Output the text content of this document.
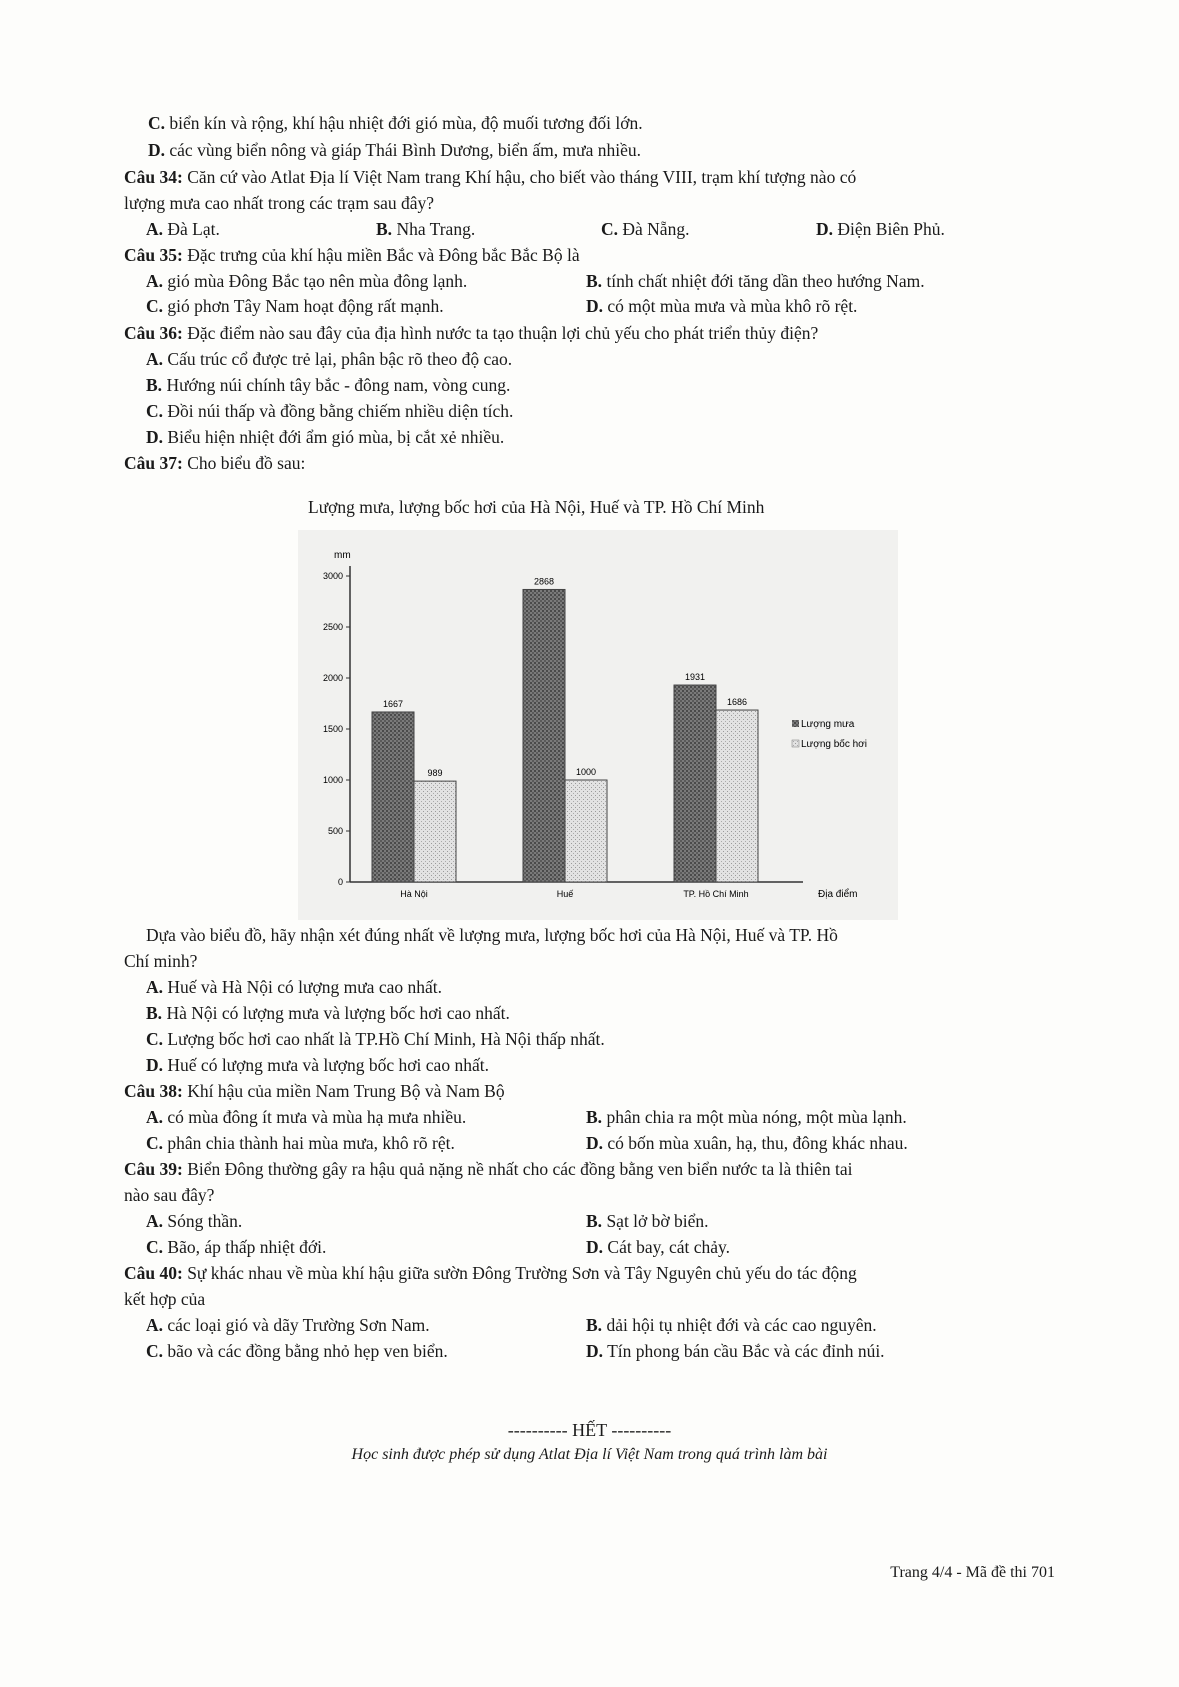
C. biển kín và rộng, khí hậu nhiệt đới gió mùa, độ muối tương đối lớn.
D. các vùng biển nông và giáp Thái Bình Dương, biển ấm, mưa nhiều.
Câu 34: Căn cứ vào Atlat Địa lí Việt Nam trang Khí hậu, cho biết vào tháng VIII, trạm khí tượng nào có
lượng mưa cao nhất trong các trạm sau đây?
A. Đà Lạt.	B. Nha Trang.	C. Đà Nẵng.	D. Điện Biên Phủ.
Câu 35: Đặc trưng của khí hậu miền Bắc và Đông bắc Bắc Bộ là
A. gió mùa Đông Bắc tạo nên mùa đông lạnh.	B. tính chất nhiệt đới tăng dần theo hướng Nam.
C. gió phơn Tây Nam hoạt động rất mạnh.	D. có một mùa mưa và mùa khô rõ rệt.
Câu 36: Đặc điểm nào sau đây của địa hình nước ta tạo thuận lợi chủ yếu cho phát triển thủy điện?
A. Cấu trúc cổ được trẻ lại, phân bậc rõ theo độ cao.
B. Hướng núi chính tây bắc - đông nam, vòng cung.
C. Đồi núi thấp và đồng bằng chiếm nhiều diện tích.
D. Biểu hiện nhiệt đới ẩm gió mùa, bị cắt xẻ nhiều.
Câu 37: Cho biểu đồ sau:
Lượng mưa, lượng bốc hơi của Hà Nội, Huế và TP. Hồ Chí Minh
mm
0
500
1000
1500
2000
2500
3000
1667
989
2868
1000
1931
1686
Hà Nội	Huế	TP. Hồ Chí Minh	Địa điểm
Lượng mưa
Lượng bốc hơi
Dựa vào biểu đồ, hãy nhận xét đúng nhất về lượng mưa, lượng bốc hơi của Hà Nội, Huế và TP. Hồ
Chí minh?
A. Huế và Hà Nội có lượng mưa cao nhất.
B. Hà Nội có lượng mưa và lượng bốc hơi cao nhất.
C. Lượng bốc hơi cao nhất là TP.Hồ Chí Minh, Hà Nội thấp nhất.
D. Huế có lượng mưa và lượng bốc hơi cao nhất.
Câu 38: Khí hậu của miền Nam Trung Bộ và Nam Bộ
A. có mùa đông ít mưa và mùa hạ mưa nhiều.	B. phân chia ra một mùa nóng, một mùa lạnh.
C. phân chia thành hai mùa mưa, khô rõ rệt.	D. có bốn mùa xuân, hạ, thu, đông khác nhau.
Câu 39: Biển Đông thường gây ra hậu quả nặng nề nhất cho các đồng bằng ven biển nước ta là thiên tai
nào sau đây?
A. Sóng thần.	B. Sạt lở bờ biển.
C. Bão, áp thấp nhiệt đới.	D. Cát bay, cát chảy.
Câu 40: Sự khác nhau về mùa khí hậu giữa sườn Đông Trường Sơn và Tây Nguyên chủ yếu do tác động
kết hợp của
A. các loại gió và dãy Trường Sơn Nam.	B. dải hội tụ nhiệt đới và các cao nguyên.
C. bão và các đồng bằng nhỏ hẹp ven biển.	D. Tín phong bán cầu Bắc và các đỉnh núi.
---------- HẾT ----------
Học sinh được phép sử dụng Atlat Địa lí Việt Nam trong quá trình làm bài
Trang 4/4 - Mã đề thi 701
